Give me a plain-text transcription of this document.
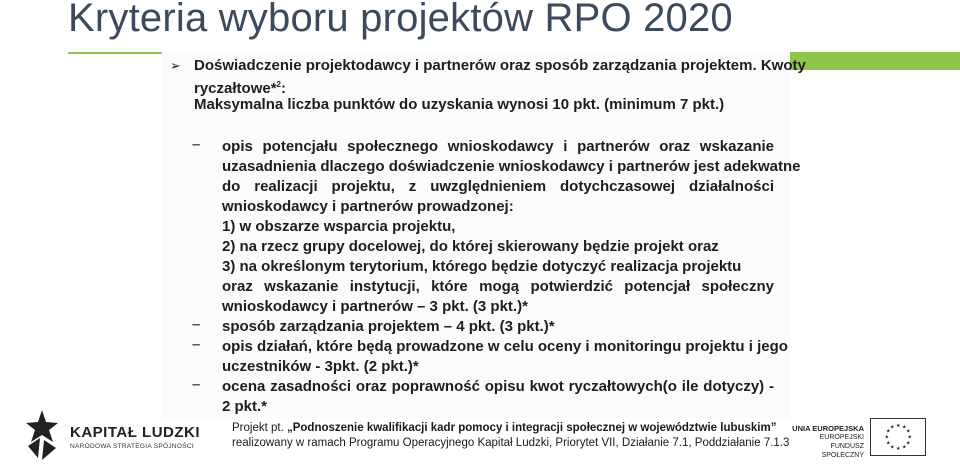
Kryteria wyboru projektów RPO 2020
➢ Doświadczenie projektodawcy i partnerów oraz sposób zarządzania projektem. Kwoty
ryczałtowe*$^2$:
Maksymalna liczba punktów do uzyskania wynosi 10 pkt. (minimum 7 pkt.)
– opis potencjału społecznego wnioskodawcy i partnerów oraz wskazanie
uzasadnienia dlaczego doświadczenie wnioskodawcy i partnerów jest adekwatne
do realizacji projektu, z uwzględnieniem dotychczasowej działalności
wnioskodawcy i partnerów prowadzonej:
1) w obszarze wsparcia projektu,
2) na rzecz grupy docelowej, do której skierowany będzie projekt oraz
3) na określonym terytorium, którego będzie dotyczyć realizacja projektu
oraz wskazanie instytucji, które mogą potwierdzić potencjał społeczny
wnioskodawcy i partnerów – 3 pkt. (3 pkt.)*
– sposób zarządzania projektem – 4 pkt. (3 pkt.)*
– opis działań, które będą prowadzone w celu oceny i monitoringu projektu i jego
uczestników - 3pkt. (2 pkt.)*
– ocena zasadności oraz poprawność opisu kwot ryczałtowych(o ile dotyczy) -
2 pkt.*
KAPITAŁ LUDZKI
NARODOWA STRATEGIA SPÓJNOŚCI
Projekt pt. „Podnoszenie kwalifikacji kadr pomocy i integracji społecznej w województwie lubuskim”
realizowany w ramach Programu Operacyjnego Kapitał Ludzki, Priorytet VII, Działanie 7.1, Poddziałanie 7.1.3
UNIA EUROPEJSKA
EUROPEJSKI
FUNDUSZ SPOŁECZNY
★ ★
★
★
★
★
★
★
★
★
★
★
